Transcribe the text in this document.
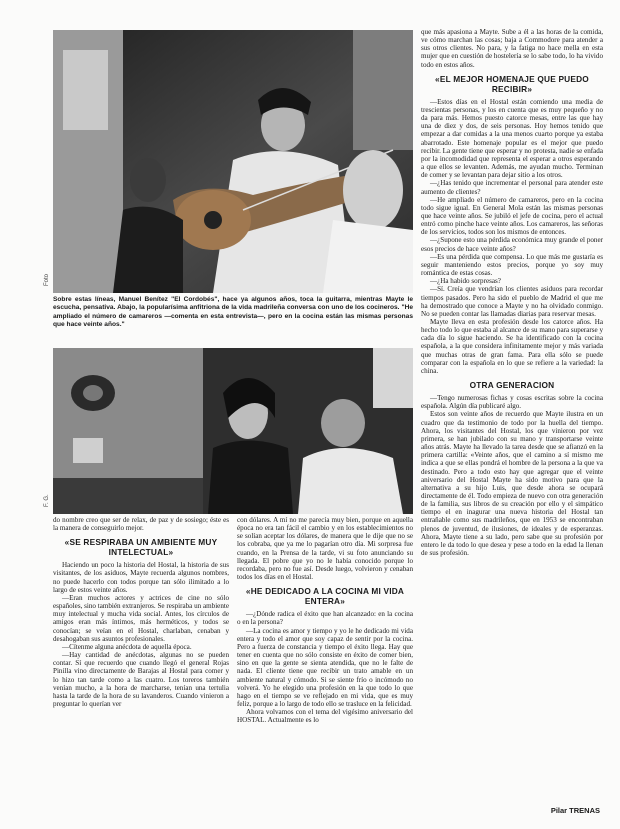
Foto
Sobre estas líneas, Manuel Benítez "El Cordobés", hace ya algunos años, toca la guitarra, mientras Mayte le escucha, pensativa. Abajo, la popularísima anfitriona de la vida madrileña conversa con uno de los cocineros. "He ampliado el número de camareros —comenta en esta entrevista—, pero en la cocina están las mismas personas que hace veinte años."
F. G.

do nombre creo que ser de relax, de paz y de sosiego; éste es la manera de conseguirlo mejor.

«SE RESPIRABA UN AMBIENTE MUY INTELECTUAL»

Haciendo un poco la historia del Hostal, la historia de sus visitantes, de los asiduos, Mayte recuerda algunos nombres, no puede hacerlo con todos porque tan sólo ilimitado a lo largo de estos veinte años.

—Eran muchos actores y actrices de cine no sólo españoles, sino también extranjeros. Se respiraba un ambiente muy intelectual y mucha vida social. Antes, los círculos de amigos eran más íntimos, más herméticos, y todos se conocían; se veían en el Hostal, charlaban, cenaban y desahogaban sus asuntos profesionales.

—Cítenme alguna anécdota de aquella época.

—Hay cantidad de anécdotas, algunas no se pueden contar. Sí que recuerdo que cuando llegó el general Rojas Pinilla vino directamente de Barajas al Hostal para comer y lo hizo tan tarde como a las cuatro. Los toreros también venían mucho, a la hora de marcharse, tenían una tertulia hasta la tarde de la hora de su lavanderos. Cuando vinieron a preguntar lo querían ver

con dólares. A mí no me parecía muy bien, porque en aquella época no era tan fácil el cambio y en los establecimientos no se solían aceptar los dólares, de manera que le dije que no se los cobraba, que ya me lo pagarían otro día. Mi sorpresa fue cuando, en la Prensa de la tarde, vi su foto anunciando su llegada. El pobre que yo no le había conocido porque lo recordaba, pero no fue así. Desde luego, volvieron y cenaban todos los días en el Hostal.

«HE DEDICADO A LA COCINA MI VIDA ENTERA»

—¿Dónde radica el éxito que han alcanzado: en la cocina o en la persona?

—La cocina es amor y tiempo y yo le he dedicado mi vida entera y todo el amor que soy capaz de sentir por la cocina. Pero a fuerza de constancia y tiempo el éxito llega. Hay que tener en cuenta que no sólo consiste en éxito de comer bien, sino en que la gente se sienta atendida, que no le falte de nada. El cliente tiene que recibir un trato amable en un ambiente natural y cómodo. Si se siente frío o incómodo no volverá. Yo he elegido una profesión en la que todo lo que hago en el tiempo se ve reflejado en mi vida, que es muy feliz, porque a lo largo de todo ello se trasluce en la felicidad.

Ahora volvamos con el tema del vigésimo aniversario del HOSTAL. Actualmente es lo

que más apasiona a Mayte. Sube a él a las horas de la comida, ve cómo marchan las cosas; baja a Commodore para atender a sus otros clientes. No para, y la fatiga no hace mella en esta mujer que en cuestión de hostelería se lo sabe todo, lo ha vivido todo en estos años.

«EL MEJOR HOMENAJE QUE PUEDO RECIBIR»

—Estos días en el Hostal están comiendo una media de trescientas personas, y los en cuenta que es muy pequeño y no da para más. Hemos puesto catorce mesas, entre las que hay una de diez y dos, de seis personas. Hoy hemos tenido que empezar a dar comidas a la una menos cuarto porque ya estaba abarrotado. Este homenaje popular es el mejor que puedo recibir. La gente tiene que esperar y no protesta, nadie se enfada por la incomodidad que representa el esperar a otros esperando a que ellos se levanten. Además, me ayudan mucho. Terminan de comer y se levantan para dejar sitio a los otros.

—¿Has tenido que incrementar el personal para atender este aumento de clientes?

—He ampliado el número de camareros, pero en la cocina todo sigue igual. En General Mola están las mismas personas que hace veinte años. Se jubiló el jefe de cocina, pero el actual entró como pinche hace veinte años. Los camareros, las señoras de los servicios, todos son los mismos de entonces.

—¿Supone esto una pérdida económica muy grande el poner esos precios de hace veinte años?

—Es una pérdida que compensa. Lo que más me gustaría es seguir manteniendo estos precios, porque yo soy muy romántica de estas cosas.

—¿Ha habido sorpresas?

—Sí. Creía que vendrían los clientes asiduos para recordar tiempos pasados. Pero ha sido el pueblo de Madrid el que me ha demostrado que conoce a Mayte y no ha olvidado conmigo. No se pueden contar las llamadas diarias para reservar mesas.

Mayte lleva en esta profesión desde los catorce años. Ha hecho todo lo que estaba al alcance de su mano para superarse y cada día lo sigue haciendo. Se ha identificado con la cocina española, a la que considera infinitamente mejor y más variada que muchas otras de gran fama. Para ella sólo se puede comparar con la española en lo que se refiere a la variedad: la china.

OTRA GENERACION

—Tengo numerosas fichas y cosas escritas sobre la cocina española. Algún día publicaré algo.

Estos son veinte años de recuerdo que Mayte ilustra en un cuadro que da testimonio de todo por la huella del tiempo. Ahora, los visitantes del Hostal, los que vinieron por vez primera, se han jubilado con su mano y transportarse veinte años atrás. Mayte ha llevado la tarea desde que se afianzó en la primera cartilla: «Veinte años, que el camino a sí mismo me indica a que se ellas pondrá el hombre de la persona a la que va destinado. Pero a todo esto hay que agregar que el veinte aniversario del Hostal Mayte ha sido motivo para que la alternativa a su hijo Luis, que desde ahora se ocupará directamente de él. Todo empieza de nuevo con otra generación de la familia, sus libros de su creación por ello y el simpático tiempo el en inagurar una nueva historia del Hostal tan entrañable como sus madrileños, que en 1953 se encontraban plenos de juventud, de ilusiones, de ideales y de esperanzas. Ahora, Mayte tiene a su lado, pero sabe que su profesión por entero le da todo lo que desea y pese a todo en la edad la llenan de sus profesión.

Pilar TRENAS
